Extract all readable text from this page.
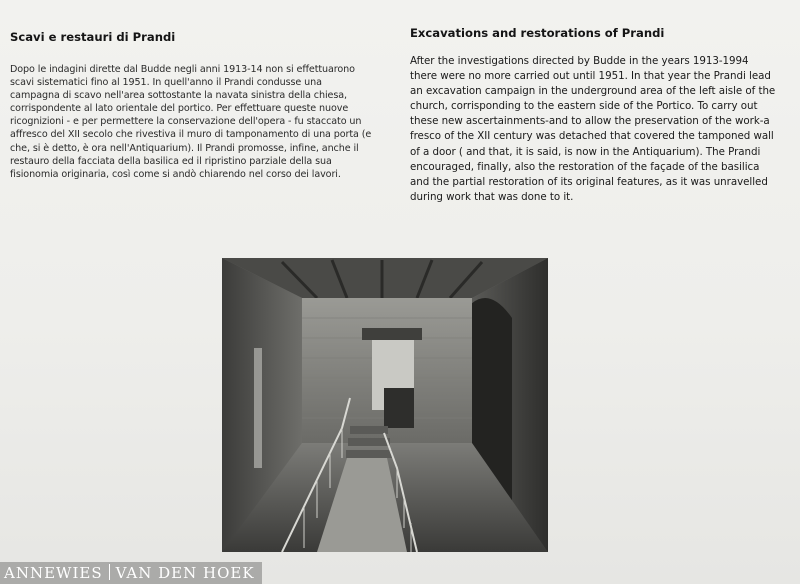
Scavi e restauri di Prandi

Dopo le indagini dirette dal Budde negli anni 1913-14 non si effettuarono scavi sistematici fino al 1951. In quell'anno il Prandi condusse una campagna di scavo nell'area sottostante la navata sinistra della chiesa, corrispondente al lato orientale del portico. Per effettuare queste nuove ricognizioni - e per permettere la conservazione dell'opera - fu staccato un affresco del XII secolo che rivestiva il muro di tamponamento di una porta (e che, si è detto, è ora nell'Antiquarium). Il Prandi promosse, infine, anche il restauro della facciata della basilica ed il ripristino parziale della sua fisionomia originaria, così come si andò chiarendo nel corso dei lavori.

Excavations and restorations of Prandi

After the investigations directed by Budde in the years 1913-1994 there were no more carried out until 1951. In that year the Prandi lead an excavation campaign in the underground area of the left aisle of the church, corrisponding to the eastern side of the Portico. To carry out these new ascertainments-and to allow the preservation of the work-a fresco of the XII century was detached that covered the tamponed wall of a door ( and that, it is said, is now in the Antiquarium). The Prandi encouraged, finally, also the restoration of the façade of the basilica and the partial restoration of its original features, as it was unravelled during work that was done to it.

ANNEWIES VAN DEN HOEK
